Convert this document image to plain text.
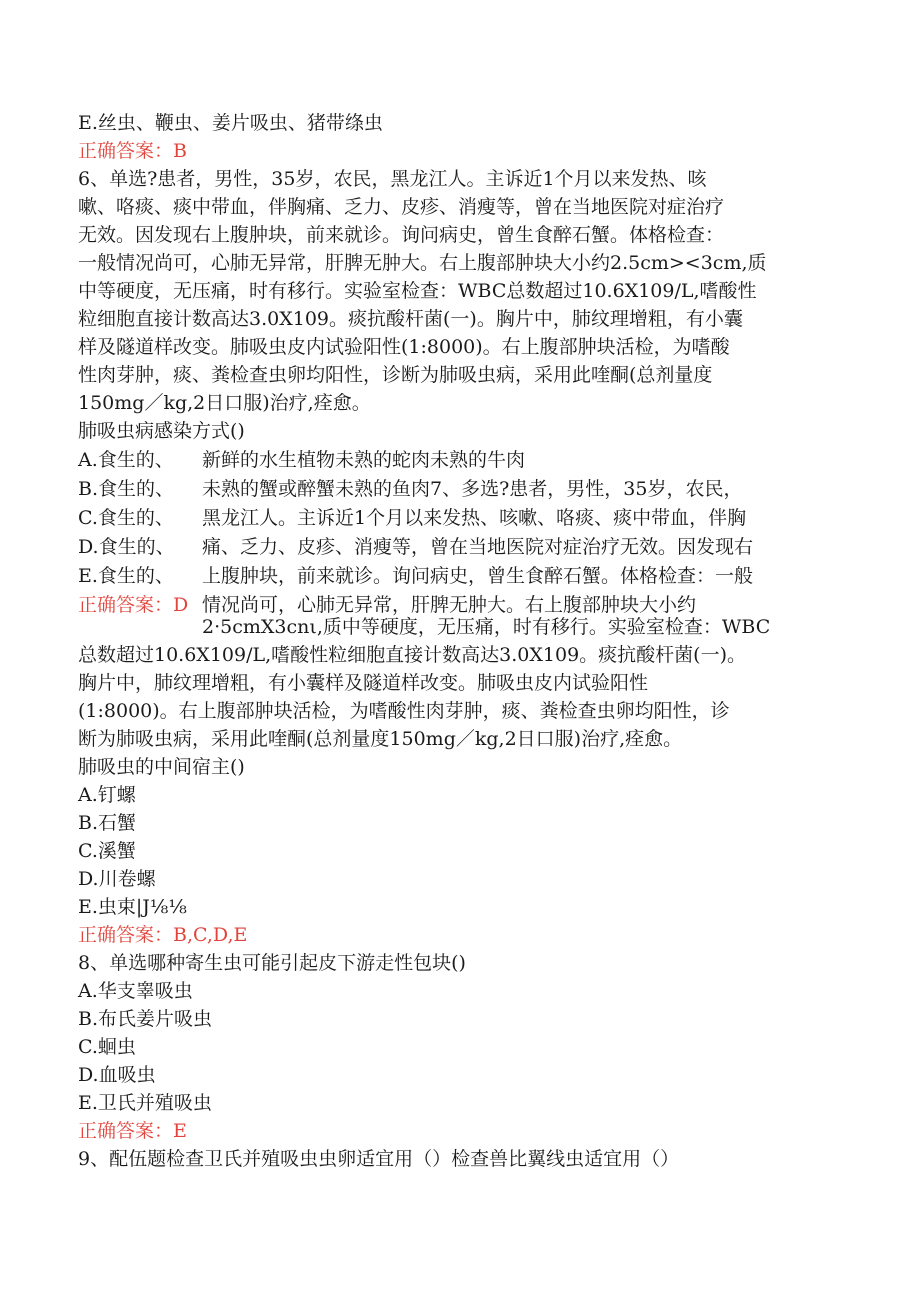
E.丝虫、鞭虫、姜片吸虫、猪带绦虫
正确答案：B
6、单选?患者，男性，35岁，农民，黑龙江人。主诉近1个月以来发热、咳
嗽、咯痰、痰中带血，伴胸痛、乏力、皮疹、消瘦等，曾在当地医院对症治疗
无效。因发现右上腹肿块，前来就诊。询问病史，曾生食醉石蟹。体格检查：
一般情况尚可，心肺无异常，肝脾无肿大。右上腹部肿块大小约2.5cm><3cm,质
中等硬度，无压痛，时有移行。实验室检查：WBC总数超过10.6X109/L,嗜酸性
粒细胞直接计数高达3.0X109。痰抗酸杆菌(一)。胸片中，肺纹理增粗，有小囊
样及隧道样改变。肺吸虫皮内试验阳性(1:8000)。右上腹部肿块活检，为嗜酸
性肉芽肿，痰、粪检查虫卵均阳性，诊断为肺吸虫病，采用此喹酮(总剂量度
150mg／kg,2日口服)治疗,痊愈。
肺吸虫病感染方式()
A.食生的、
B.食生的、
C.食生的、
D.食生的、
E.食生的、
正确答案：D
新鲜的水生植物未熟的蛇肉未熟的牛肉
未熟的蟹或醉蟹未熟的鱼肉7、多选?患者，男性，35岁，农民，
黑龙江人。主诉近1个月以来发热、咳嗽、咯痰、痰中带血，伴胸
痛、乏力、皮疹、消瘦等，曾在当地医院对症治疗无效。因发现右
上腹肿块，前来就诊。询问病史，曾生食醉石蟹。体格检查：一般
情况尚可，心肺无异常，肝脾无肿大。右上腹部肿块大小约
2·5cmX3cnι,质中等硬度，无压痛，时有移行。实验室检查：WBC
总数超过10.6X109/L,嗜酸性粒细胞直接计数高达3.0X109。痰抗酸杆菌(一)。
胸片中，肺纹理增粗，有小囊样及隧道样改变。肺吸虫皮内试验阳性
(1:8000)。右上腹部肿块活检，为嗜酸性肉芽肿，痰、粪检查虫卵均阳性，诊
断为肺吸虫病，采用此喹酮(总剂量度150mg／kg,2日口服)治疗,痊愈。
肺吸虫的中间宿主()
A.钉螺
B.石蟹
C.溪蟹
D.川卷螺
E.虫束|J⅛⅛
正确答案：B,C,D,E
8、单选哪种寄生虫可能引起皮下游走性包块()
A.华支睾吸虫
B.布氏姜片吸虫
C.蛔虫
D.血吸虫
E.卫氏并殖吸虫
正确答案：E
9、配伍题检查卫氏并殖吸虫虫卵适宜用（）检查兽比翼线虫适宜用（）
